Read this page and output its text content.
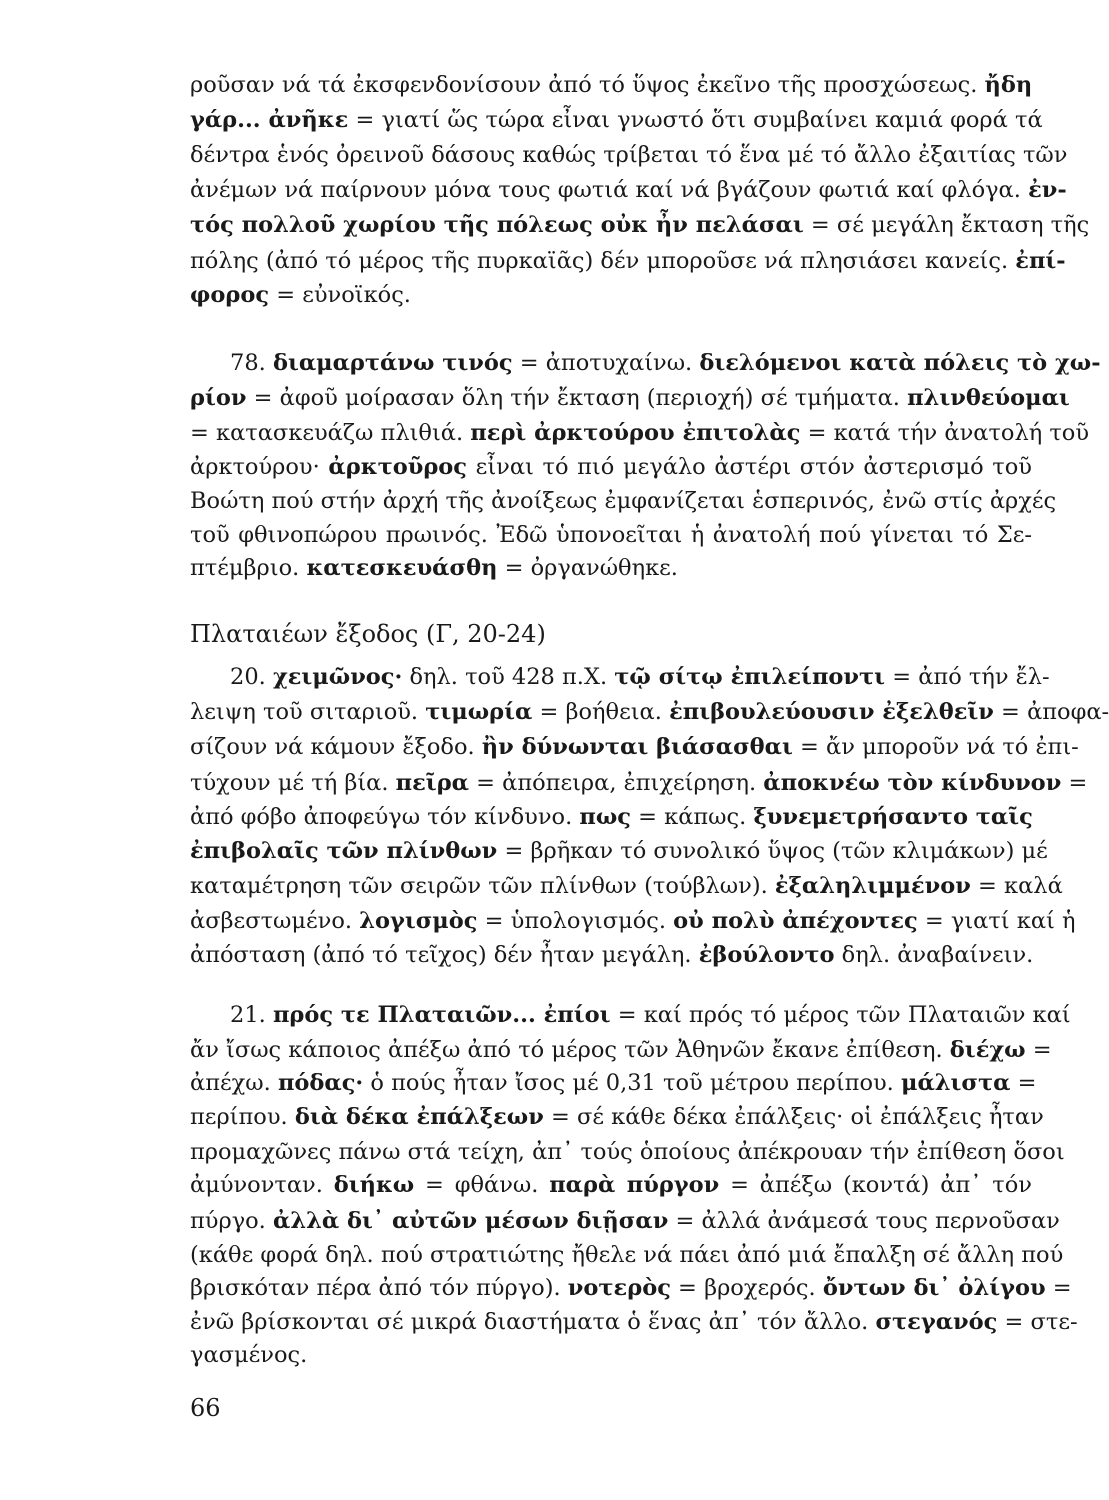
ροῦσαν νά τά ἐκσφενδονίσουν ἀπό τό ὕψος ἐκεῖνο τῆς προσχώσεως. ἤδη
γάρ... ἀνῆκε = γιατί ὥς τώρα εἶναι γνωστό ὅτι συμβαίνει καμιά φορά τά
δέντρα ἑνός ὀρεινοῦ δάσους καθώς τρίβεται τό ἕνα μέ τό ἄλλο ἐξαιτίας τῶν
ἀνέμων νά παίρνουν μόνα τους φωτιά καί νά βγάζουν φωτιά καί φλόγα. ἐν-
τός πολλοῦ χωρίου τῆς πόλεως οὐκ ἦν πελάσαι = σέ μεγάλη ἔκταση τῆς
πόλης (ἀπό τό μέρος τῆς πυρκαϊᾶς) δέν μποροῦσε νά πλησιάσει κανείς. ἐπί-
φορος = εὐνοϊκός.
78. διαμαρτάνω τινός = ἀποτυχαίνω. διελόμενοι κατὰ πόλεις τὸ χω-
ρίον = ἀφοῦ μοίρασαν ὅλη τήν ἔκταση (περιοχή) σέ τμήματα. πλινθεύομαι
= κατασκευάζω πλιθιά. περὶ ἀρκτούρου ἐπιτολὰς = κατά τήν ἀνατολή τοῦ
ἀρκτούρου· ἀρκτοῦρος εἶναι τό πιό μεγάλο ἀστέρι στόν ἀστερισμό τοῦ
Βοώτη πού στήν ἀρχή τῆς ἀνοίξεως ἐμφανίζεται ἑσπερινός, ἐνῶ στίς ἀρχές
τοῦ φθινοπώρου πρωινός. Ἐδῶ ὑπονοεῖται ἡ ἀνατολή πού γίνεται τό Σε-
πτέμβριο. κατεσκευάσθη = ὀργανώθηκε.
20. χειμῶνος· δηλ. τοῦ 428 π.Χ. τῷ σίτῳ ἐπιλείποντι = ἀπό τήν ἔλ-
λειψη τοῦ σιταριοῦ. τιμωρία = βοήθεια. ἐπιβουλεύουσιν ἐξελθεῖν = ἀποφα-
σίζουν νά κάμουν ἔξοδο. ἢν δύνωνται βιάσασθαι = ἄν μποροῦν νά τό ἐπι-
τύχουν μέ τή βία. πεῖρα = ἀπόπειρα, ἐπιχείρηση. ἀποκνέω τὸν κίνδυνον =
ἀπό φόβο ἀποφεύγω τόν κίνδυνο. πως = κάπως. ξυνεμετρήσαντο ταῖς
ἐπιβολαῖς τῶν πλίνθων = βρῆκαν τό συνολικό ὕψος (τῶν κλιμάκων) μέ
καταμέτρηση τῶν σειρῶν τῶν πλίνθων (τούβλων). ἐξαληλιμμένον = καλά
ἀσβεστωμένο. λογισμὸς = ὑπολογισμός. οὐ πολὺ ἀπέχοντες = γιατί καί ἡ
ἀπόσταση (ἀπό τό τεῖχος) δέν ἦταν μεγάλη. ἐβούλοντο δηλ. ἀναβαίνειν.
21. πρός τε Πλαταιῶν... ἐπίοι = καί πρός τό μέρος τῶν Πλαταιῶν καί
ἄν ἴσως κάποιος ἀπέξω ἀπό τό μέρος τῶν Ἀθηνῶν ἔκανε ἐπίθεση. διέχω =
ἀπέχω. πόδας· ὁ πούς ἦταν ἴσος μέ 0,31 τοῦ μέτρου περίπου. μάλιστα =
περίπου. διὰ δέκα ἐπάλξεων = σέ κάθε δέκα ἐπάλξεις· οἱ ἐπάλξεις ἦταν
προμαχῶνες πάνω στά τείχη, ἀπ᾽ τούς ὁποίους ἀπέκρουαν τήν ἐπίθεση ὅσοι
ἀμύνονταν. διήκω = φθάνω. παρὰ πύργον = ἀπέξω (κοντά) ἀπ᾽ τόν
πύργο. ἀλλὰ δι᾽ αὐτῶν μέσων διῇσαν = ἀλλά ἀνάμεσά τους περνοῦσαν
(κάθε φορά δηλ. πού στρατιώτης ἤθελε νά πάει ἀπό μιά ἔπαλξη σέ ἄλλη πού
βρισκόταν πέρα ἀπό τόν πύργο). νοτερὸς = βροχερός. ὄντων δι᾽ ὀλίγου =
ἐνῶ βρίσκονται σέ μικρά διαστήματα ὁ ἕνας ἀπ᾽ τόν ἄλλο. στεγανός = στε-
γασμένος.
Πλαταιέων ἔξοδος (Γ, 20-24)
66
